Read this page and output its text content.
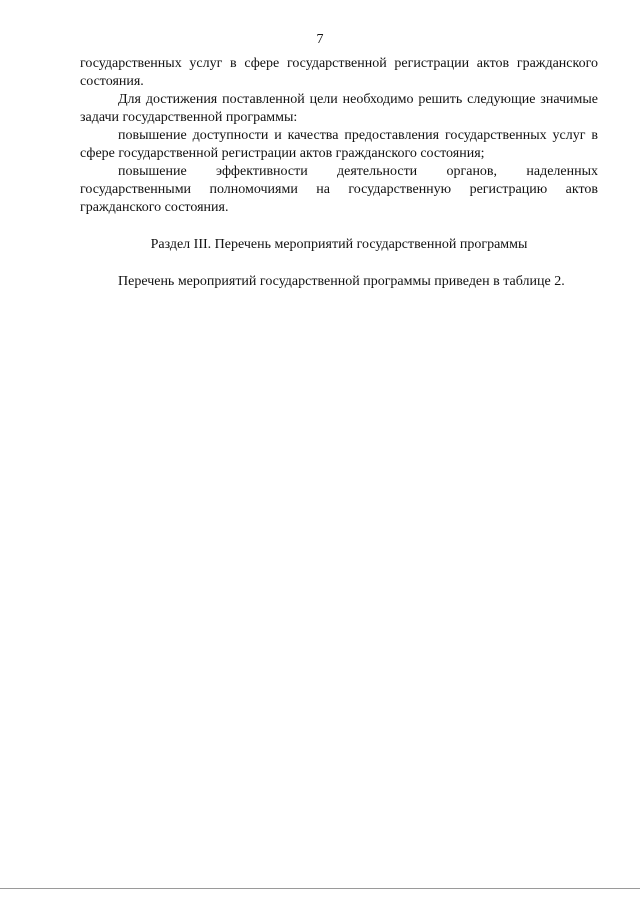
7

государственных услуг в сфере государственной регистрации актов гражданского состояния.

Для достижения поставленной цели необходимо решить следующие значимые задачи государственной программы:

повышение доступности и качества предоставления государственных услуг в сфере государственной регистрации актов гражданского состояния;

повышение эффективности деятельности органов, наделенных государственными полномочиями на государственную регистрацию актов гражданского состояния.

Раздел III. Перечень мероприятий государственной программы

Перечень мероприятий государственной программы приведен в таблице 2.
